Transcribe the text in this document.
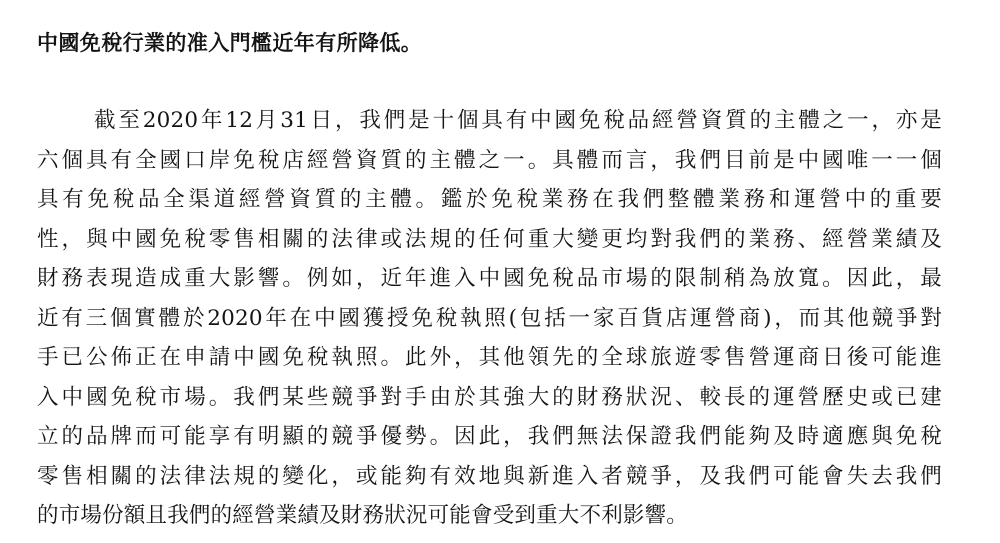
中國免稅行業的准入門檻近年有所降低。
截至2020年12月31日，我們是十個具有中國免稅品經營資質的主體之一，亦是
六個具有全國口岸免稅店經營資質的主體之一。具體而言，我們目前是中國唯一一個
具有免稅品全渠道經營資質的主體。鑑於免稅業務在我們整體業務和運營中的重要
性，與中國免稅零售相關的法律或法規的任何重大變更均對我們的業務、經營業績及
財務表現造成重大影響。例如，近年進入中國免稅品市場的限制稍為放寬。因此，最
近有三個實體於2020年在中國獲授免稅執照(包括一家百貨店運營商)，而其他競爭對
手已公佈正在申請中國免稅執照。此外，其他領先的全球旅遊零售營運商日後可能進
入中國免稅市場。我們某些競爭對手由於其強大的財務狀況、較長的運營歷史或已建
立的品牌而可能享有明顯的競爭優勢。因此，我們無法保證我們能夠及時適應與免稅
零售相關的法律法規的變化，或能夠有效地與新進入者競爭，及我們可能會失去我們
的市場份額且我們的經營業績及財務狀況可能會受到重大不利影響。
